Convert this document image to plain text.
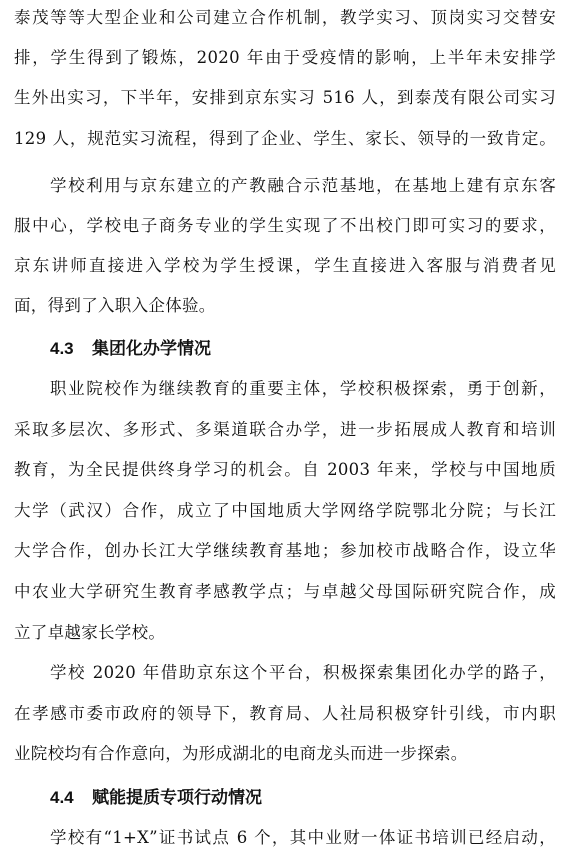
泰茂等等大型企业和公司建立合作机制，教学实习、顶岗实习交替安
排，学生得到了锻炼，2020 年由于受疫情的影响，上半年未安排学
生外出实习，下半年，安排到京东实习 516 人，到泰茂有限公司实习
129 人，规范实习流程，得到了企业、学生、家长、领导的一致肯定。
学校利用与京东建立的产教融合示范基地，在基地上建有京东客
服中心，学校电子商务专业的学生实现了不出校门即可实习的要求，
京东讲师直接进入学校为学生授课，学生直接进入客服与消费者见
面，得到了入职入企体验。
4.3 集团化办学情况
职业院校作为继续教育的重要主体，学校积极探索，勇于创新，
采取多层次、多形式、多渠道联合办学，进一步拓展成人教育和培训
教育，为全民提供终身学习的机会。自 2003 年来，学校与中国地质
大学（武汉）合作，成立了中国地质大学网络学院鄂北分院；与长江
大学合作，创办长江大学继续教育基地；参加校市战略合作，设立华
中农业大学研究生教育孝感教学点；与卓越父母国际研究院合作，成
立了卓越家长学校。
学校 2020 年借助京东这个平台，积极探索集团化办学的路子，
在孝感市委市政府的领导下，教育局、人社局积极穿针引线，市内职
业院校均有合作意向，为形成湖北的电商龙头而进一步探索。
4.4 赋能提质专项行动情况
学校有“1+X”证书试点 6 个，其中业财一体证书培训已经启动，
